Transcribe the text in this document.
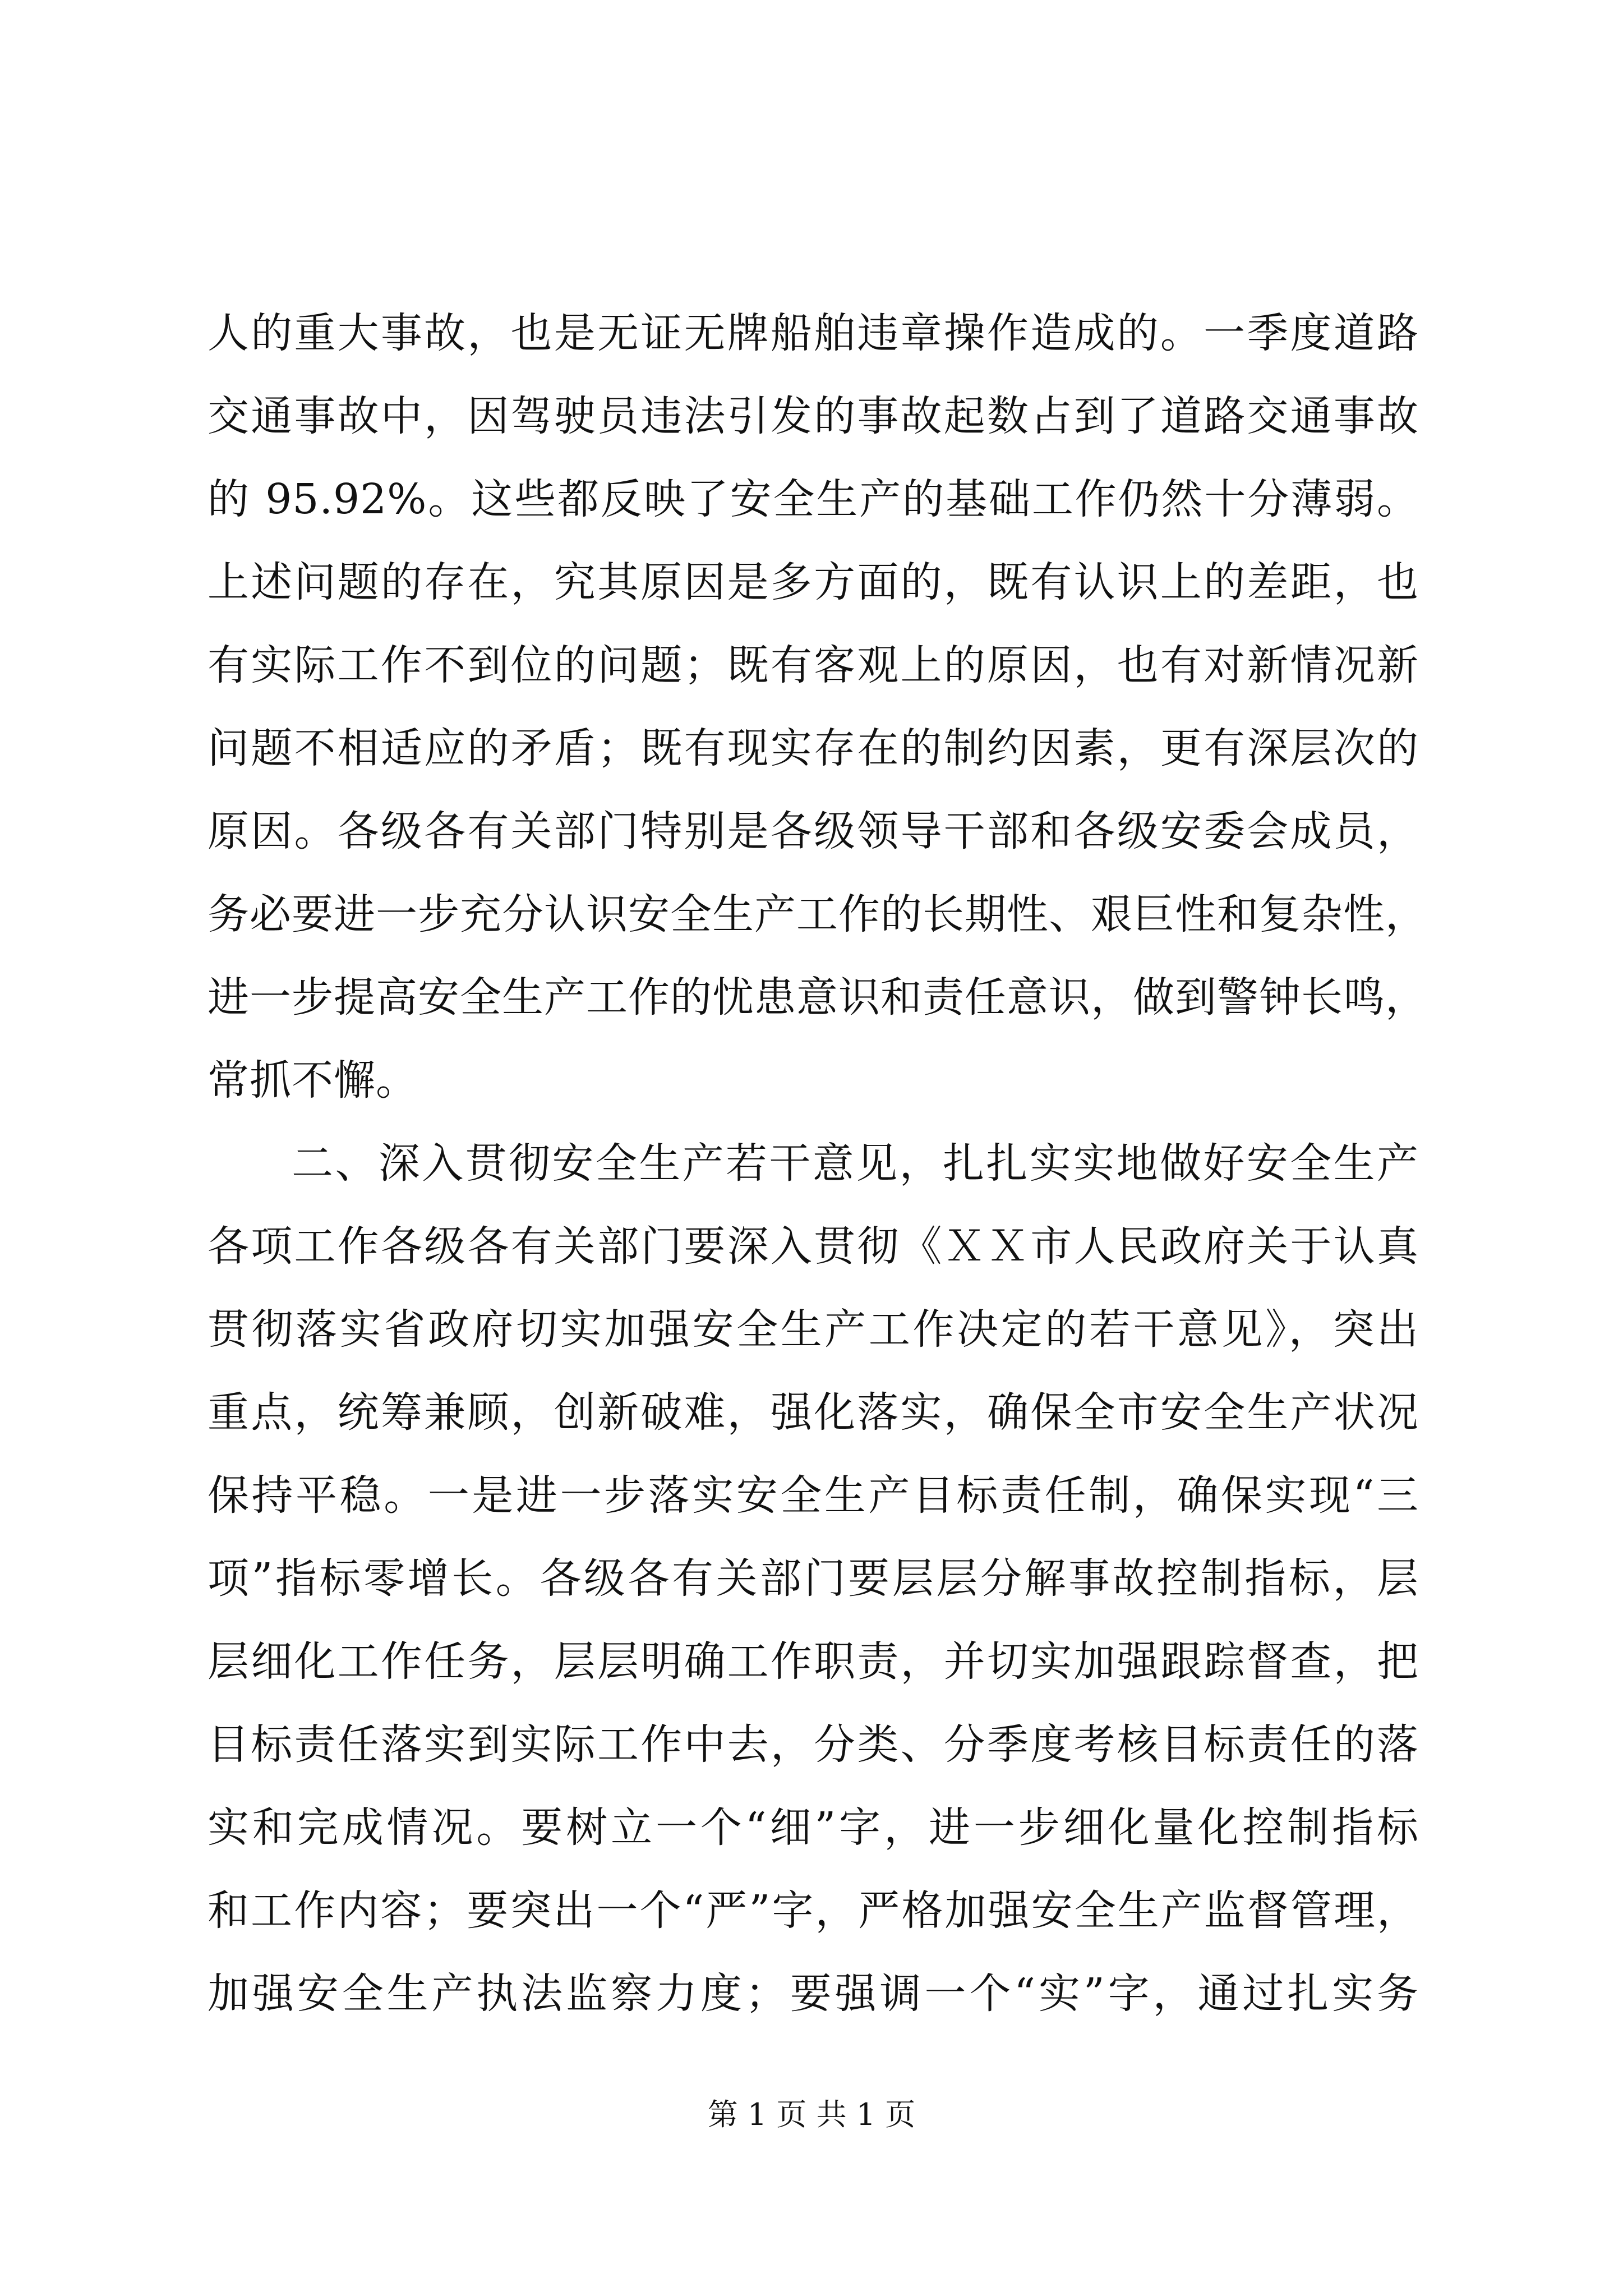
人的重大事故，也是无证无牌船舶违章操作造成的。一季度道路
交通事故中，因驾驶员违法引发的事故起数占到了道路交通事故
的 95.92%。这些都反映了安全生产的基础工作仍然十分薄弱。
上述问题的存在，究其原因是多方面的，既有认识上的差距，也
有实际工作不到位的问题；既有客观上的原因，也有对新情况新
问题不相适应的矛盾；既有现实存在的制约因素，更有深层次的
原因。各级各有关部门特别是各级领导干部和各级安委会成员，
务必要进一步充分认识安全生产工作的长期性、艰巨性和复杂性，
进一步提高安全生产工作的忧患意识和责任意识，做到警钟长鸣，
常抓不懈。
二、深入贯彻安全生产若干意见，扎扎实实地做好安全生产
各项工作各级各有关部门要深入贯彻《ＸＸ市人民政府关于认真
贯彻落实省政府切实加强安全生产工作决定的若干意见》，突出
重点，统筹兼顾，创新破难，强化落实，确保全市安全生产状况
保持平稳。一是进一步落实安全生产目标责任制，确保实现“三
项”指标零增长。各级各有关部门要层层分解事故控制指标，层
层细化工作任务，层层明确工作职责，并切实加强跟踪督查，把
目标责任落实到实际工作中去，分类、分季度考核目标责任的落
实和完成情况。要树立一个“细”字，进一步细化量化控制指标
和工作内容；要突出一个“严”字，严格加强安全生产监督管理，
加强安全生产执法监察力度；要强调一个“实”字，通过扎实务
第 1 页 共 1 页
